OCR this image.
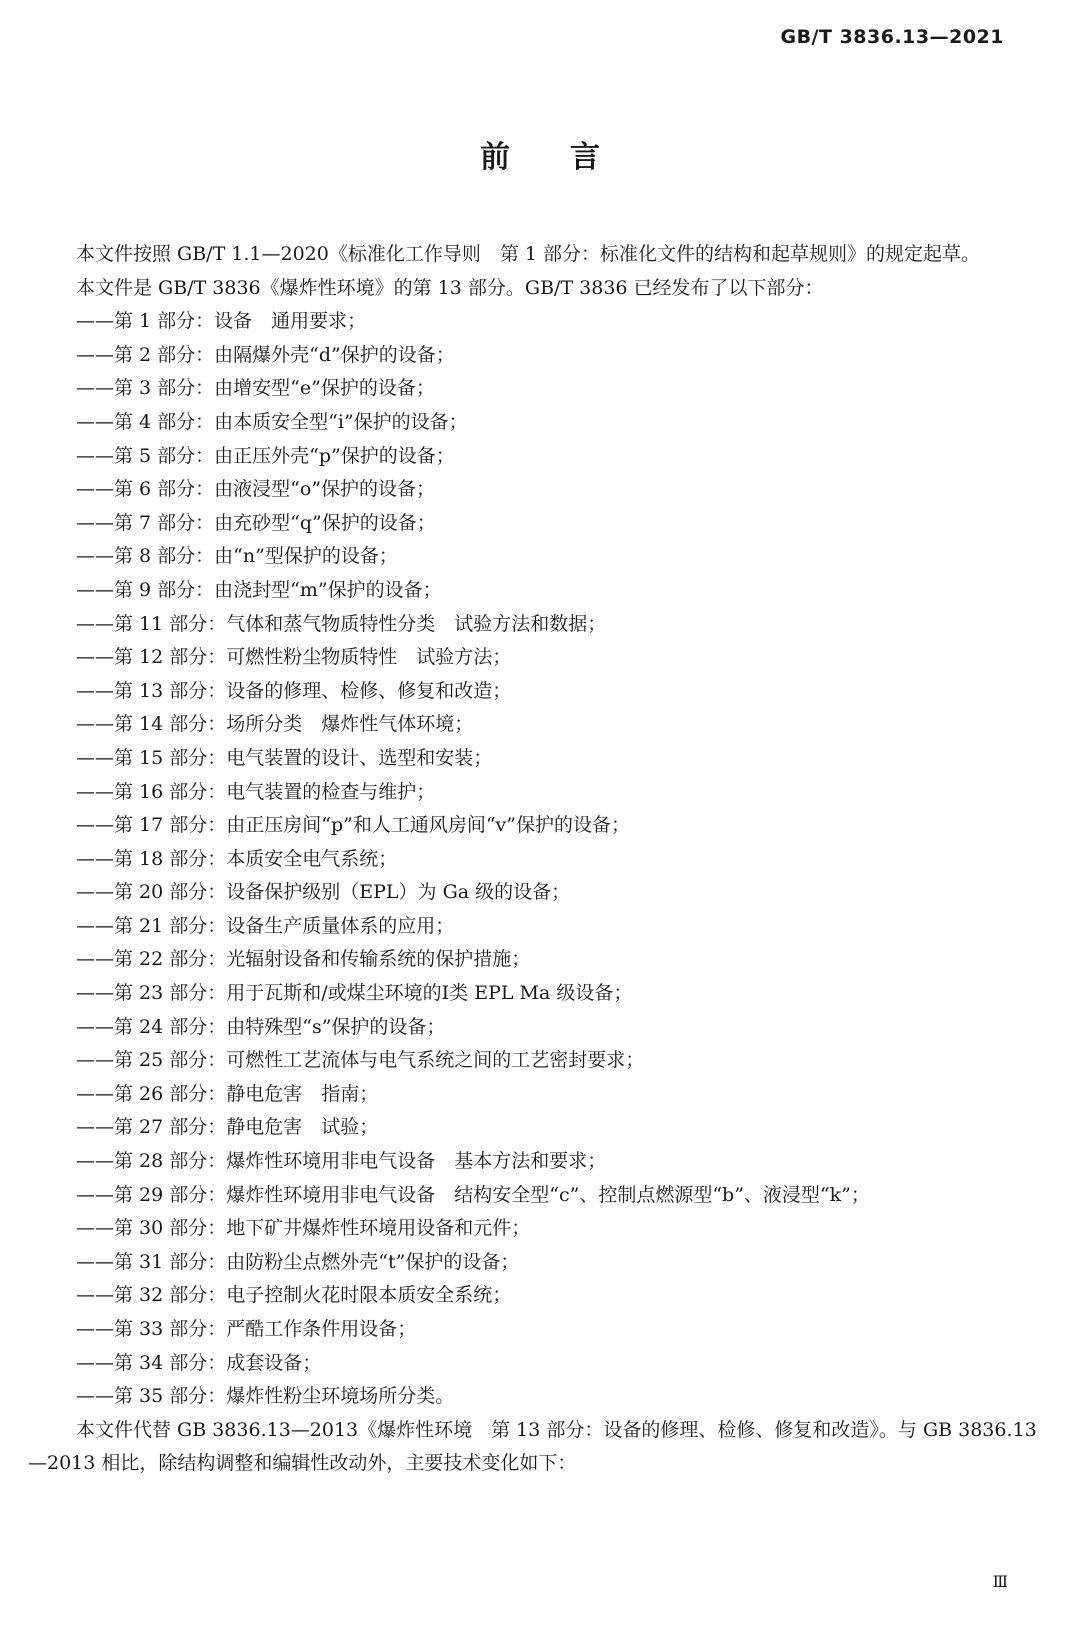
GB/T 3836.13—2021
前言

本文件按照 GB/T 1.1—2020《标准化工作导则　第 1 部分：标准化文件的结构和起草规则》的规定起草。

本文件是 GB/T 3836《爆炸性环境》的第 13 部分。GB/T 3836 已经发布了以下部分：

——第 1 部分：设备　通用要求；
——第 2 部分：由隔爆外壳“d”保护的设备；
——第 3 部分：由增安型“e”保护的设备；
——第 4 部分：由本质安全型“i”保护的设备；
——第 5 部分：由正压外壳“p”保护的设备；
——第 6 部分：由液浸型“o”保护的设备；
——第 7 部分：由充砂型“q”保护的设备；
——第 8 部分：由“n”型保护的设备；
——第 9 部分：由浇封型“m”保护的设备；
——第 11 部分：气体和蒸气物质特性分类　试验方法和数据；
——第 12 部分：可燃性粉尘物质特性　试验方法；
——第 13 部分：设备的修理、检修、修复和改造；
——第 14 部分：场所分类　爆炸性气体环境；
——第 15 部分：电气装置的设计、选型和安装；
——第 16 部分：电气装置的检查与维护；
——第 17 部分：由正压房间“p”和人工通风房间“v”保护的设备；
——第 18 部分：本质安全电气系统；
——第 20 部分：设备保护级别（EPL）为 Ga 级的设备；
——第 21 部分：设备生产质量体系的应用；
——第 22 部分：光辐射设备和传输系统的保护措施；
——第 23 部分：用于瓦斯和/或煤尘环境的Ⅰ类 EPL Ma 级设备；
——第 24 部分：由特殊型“s”保护的设备；
——第 25 部分：可燃性工艺流体与电气系统之间的工艺密封要求；
——第 26 部分：静电危害　指南；
——第 27 部分：静电危害　试验；
——第 28 部分：爆炸性环境用非电气设备　基本方法和要求；
——第 29 部分：爆炸性环境用非电气设备　结构安全型“c”、控制点燃源型“b”、液浸型“k”；
——第 30 部分：地下矿井爆炸性环境用设备和元件；
——第 31 部分：由防粉尘点燃外壳“t”保护的设备；
——第 32 部分：电子控制火花时限本质安全系统；
——第 33 部分：严酷工作条件用设备；
——第 34 部分：成套设备；
——第 35 部分：爆炸性粉尘环境场所分类。

本文件代替 GB 3836.13—2013《爆炸性环境　第 13 部分：设备的修理、检修、修复和改造》。与 GB 3836.13—2013 相比，除结构调整和编辑性改动外，主要技术变化如下：

Ⅲ
